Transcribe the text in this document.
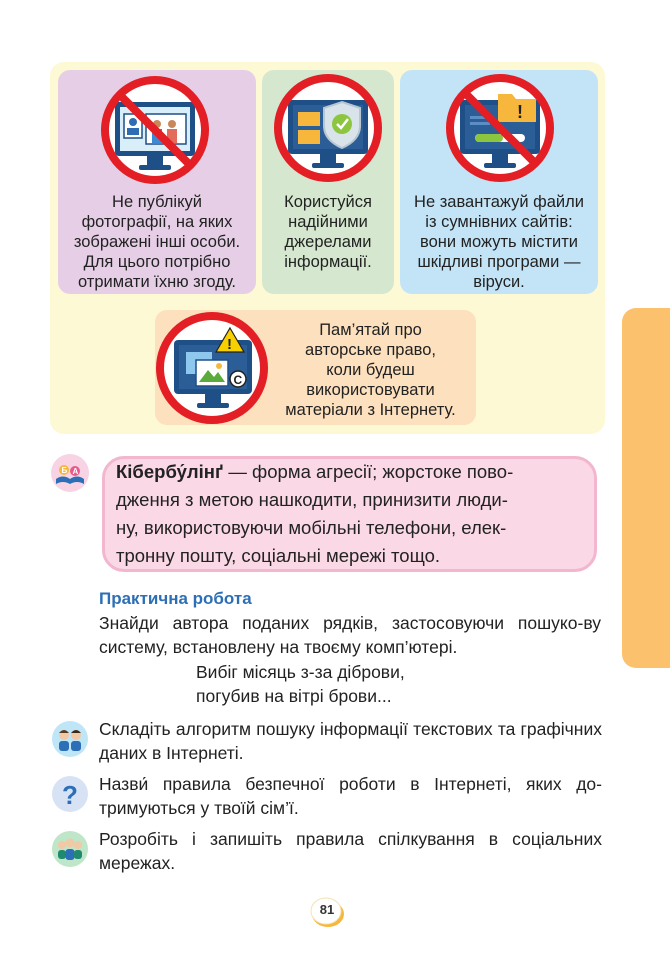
Не публікуй
фотографії, на яких
зображені інші особи.
Для цього потрібно
отримати їхню згоду.
Користуйся
надійними
джерелами
інформації.
!
Не завантажуй файли
із сумнівних сайтів:
вони можуть містити
шкідливі програми —
віруси.
C
!
Пам’ятай про
авторське право,
коли будеш
використовувати
матеріали з Інтернету.
Б A Кібербу́лінґ — форма агресії; жорстоке пово-
дження з метою нашкодити, принизити люди-
ну, використовуючи мобільні телефони, елек-
тронну пошту, соціальні мережі тощо.
Практична робота
Знайди автора поданих рядків, застосовуючи пошуко-ву систему, встановлену на твоєму комп’ютері.
Вибіг місяць з-за діброви,
погубив на вітрі брови...
Складіть алгоритм пошуку інформації текстових та графічних даних в Інтернеті.
? Назви́ правила безпечної роботи в Інтернеті, яких до-тримуються у твоїй сім’ї.
Розробіть і запишіть правила спілкування в соціальних мережах.
81
